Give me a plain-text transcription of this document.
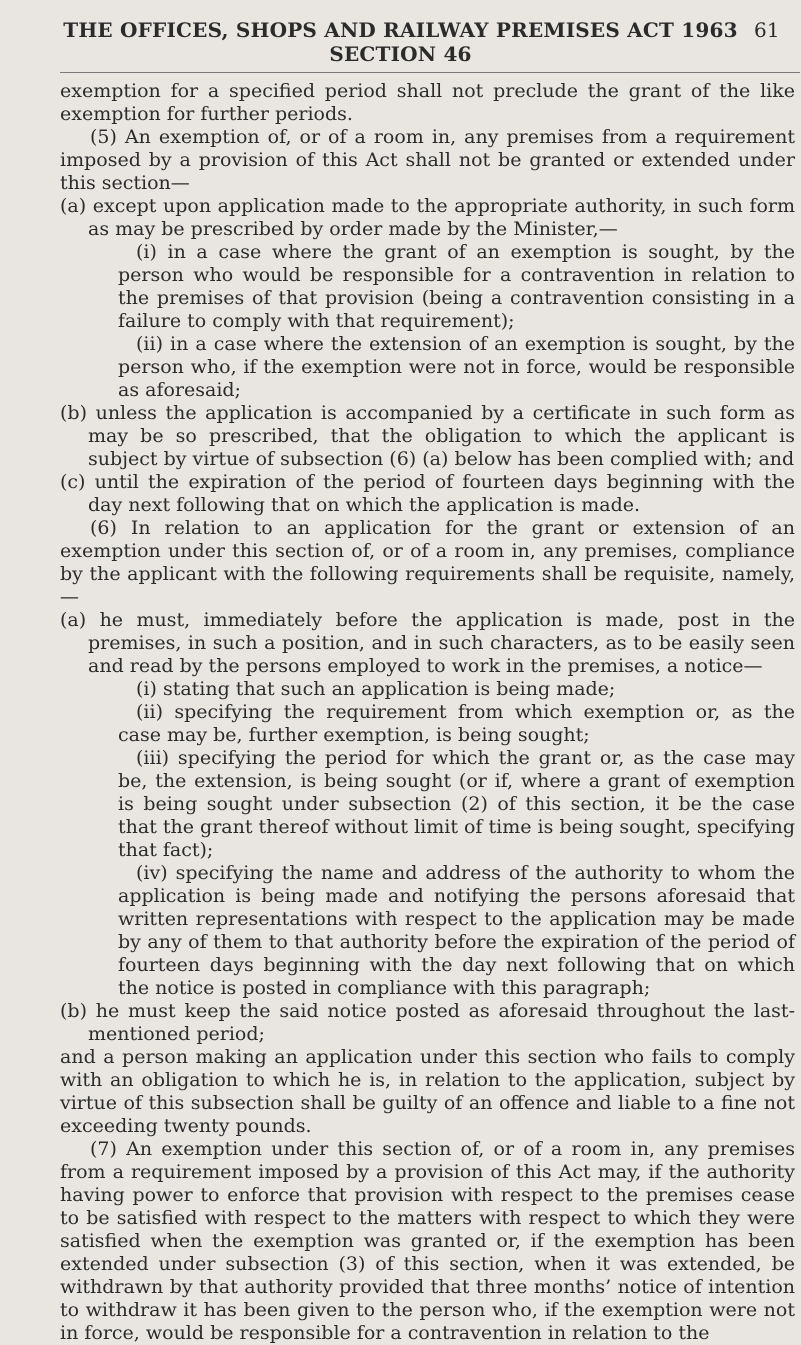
THE OFFICES, SHOPS AND RAILWAY PREMISES ACT 1963
SECTION 46
61

exemption for a specified period shall not preclude the grant of the like exemption for further periods.

(5) An exemption of, or of a room in, any premises from a requirement imposed by a provision of this Act shall not be granted or extended under this section—

(a) except upon application made to the appropriate authority, in such form as may be prescribed by order made by the Minister,—

(i) in a case where the grant of an exemption is sought, by the person who would be responsible for a contravention in relation to the premises of that provision (being a contravention consisting in a failure to comply with that requirement);

(ii) in a case where the extension of an exemption is sought, by the person who, if the exemption were not in force, would be responsible as aforesaid;

(b) unless the application is accompanied by a certificate in such form as may be so prescribed, that the obligation to which the applicant is subject by virtue of subsection (6) (a) below has been complied with; and

(c) until the expiration of the period of fourteen days beginning with the day next following that on which the application is made.

(6) In relation to an application for the grant or extension of an exemption under this section of, or of a room in, any premises, compliance by the applicant with the following requirements shall be requisite, namely,—

(a) he must, immediately before the application is made, post in the premises, in such a position, and in such characters, as to be easily seen and read by the persons employed to work in the premises, a notice—

(i) stating that such an application is being made;

(ii) specifying the requirement from which exemption or, as the case may be, further exemption, is being sought;

(iii) specifying the period for which the grant or, as the case may be, the extension, is being sought (or if, where a grant of exemption is being sought under subsection (2) of this section, it be the case that the grant thereof without limit of time is being sought, specifying that fact);

(iv) specifying the name and address of the authority to whom the application is being made and notifying the persons aforesaid that written representations with respect to the application may be made by any of them to that authority before the expiration of the period of fourteen days beginning with the day next following that on which the notice is posted in compliance with this paragraph;

(b) he must keep the said notice posted as aforesaid throughout the last-mentioned period;

and a person making an application under this section who fails to comply with an obligation to which he is, in relation to the application, subject by virtue of this subsection shall be guilty of an offence and liable to a fine not exceeding twenty pounds.

(7) An exemption under this section of, or of a room in, any premises from a requirement imposed by a provision of this Act may, if the authority having power to enforce that provision with respect to the premises cease to be satisfied with respect to the matters with respect to which they were satisfied when the exemption was granted or, if the exemption has been extended under subsection (3) of this section, when it was extended, be withdrawn by that authority provided that three months’ notice of intention to withdraw it has been given to the person who, if the exemption were not in force, would be responsible for a contravention in relation to the
